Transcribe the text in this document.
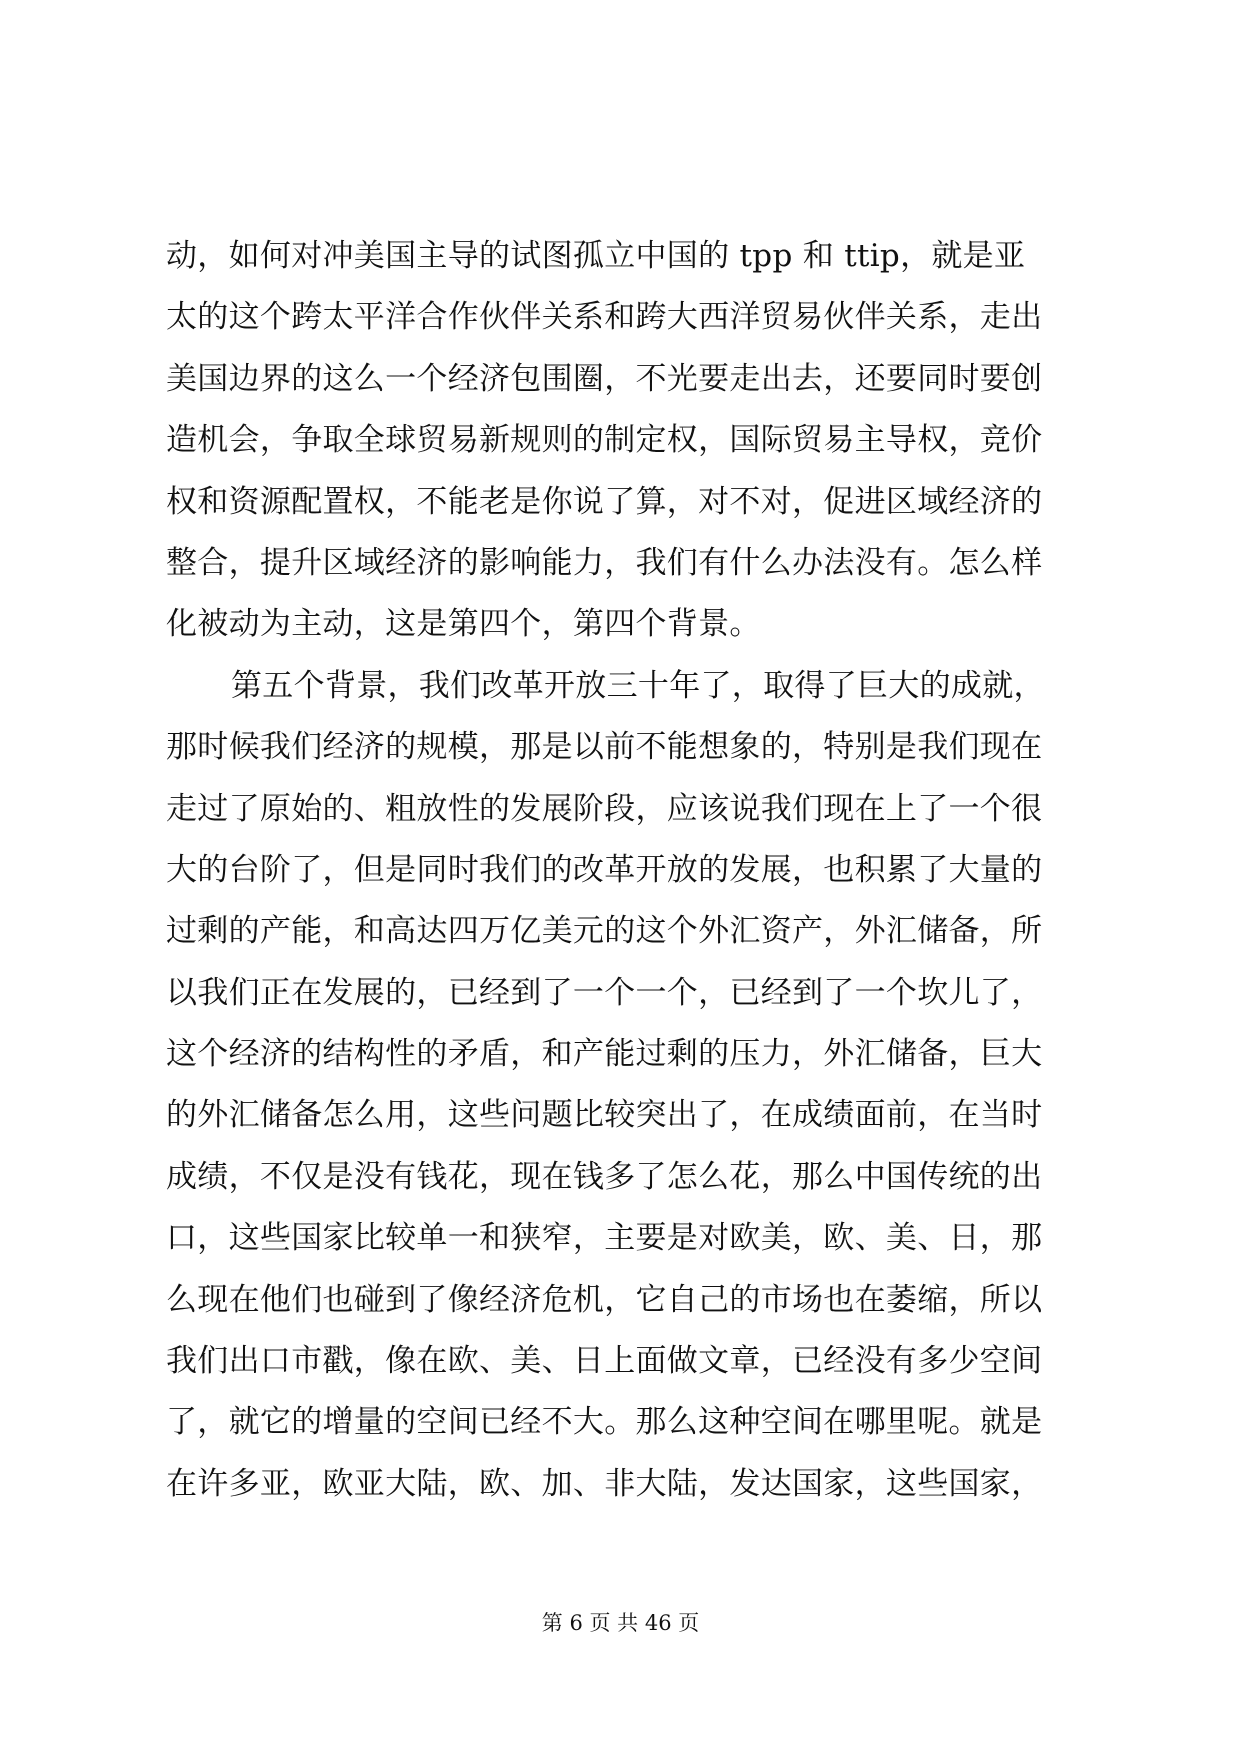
动，如何对冲美国主导的试图孤立中国的 tpp 和 ttip，就是亚
太的这个跨太平洋合作伙伴关系和跨大西洋贸易伙伴关系，走出
美国边界的这么一个经济包围圈，不光要走出去，还要同时要创
造机会，争取全球贸易新规则的制定权，国际贸易主导权，竞价
权和资源配置权，不能老是你说了算，对不对，促进区域经济的
整合，提升区域经济的影响能力，我们有什么办法没有。怎么样
化被动为主动，这是第四个，第四个背景。
第五个背景，我们改革开放三十年了，取得了巨大的成就，
那时候我们经济的规模，那是以前不能想象的，特别是我们现在
走过了原始的、粗放性的发展阶段，应该说我们现在上了一个很
大的台阶了，但是同时我们的改革开放的发展，也积累了大量的
过剩的产能，和高达四万亿美元的这个外汇资产，外汇储备，所
以我们正在发展的，已经到了一个一个，已经到了一个坎儿了，
这个经济的结构性的矛盾，和产能过剩的压力，外汇储备，巨大
的外汇储备怎么用，这些问题比较突出了，在成绩面前，在当时
成绩，不仅是没有钱花，现在钱多了怎么花，那么中国传统的出
口，这些国家比较单一和狭窄，主要是对欧美，欧、美、日，那
么现在他们也碰到了像经济危机，它自己的市场也在萎缩，所以
我们出口市戳，像在欧、美、日上面做文章，已经没有多少空间
了，就它的增量的空间已经不大。那么这种空间在哪里呢。就是
在许多亚，欧亚大陆，欧、加、非大陆，发达国家，这些国家，
第 6 页 共 46 页
